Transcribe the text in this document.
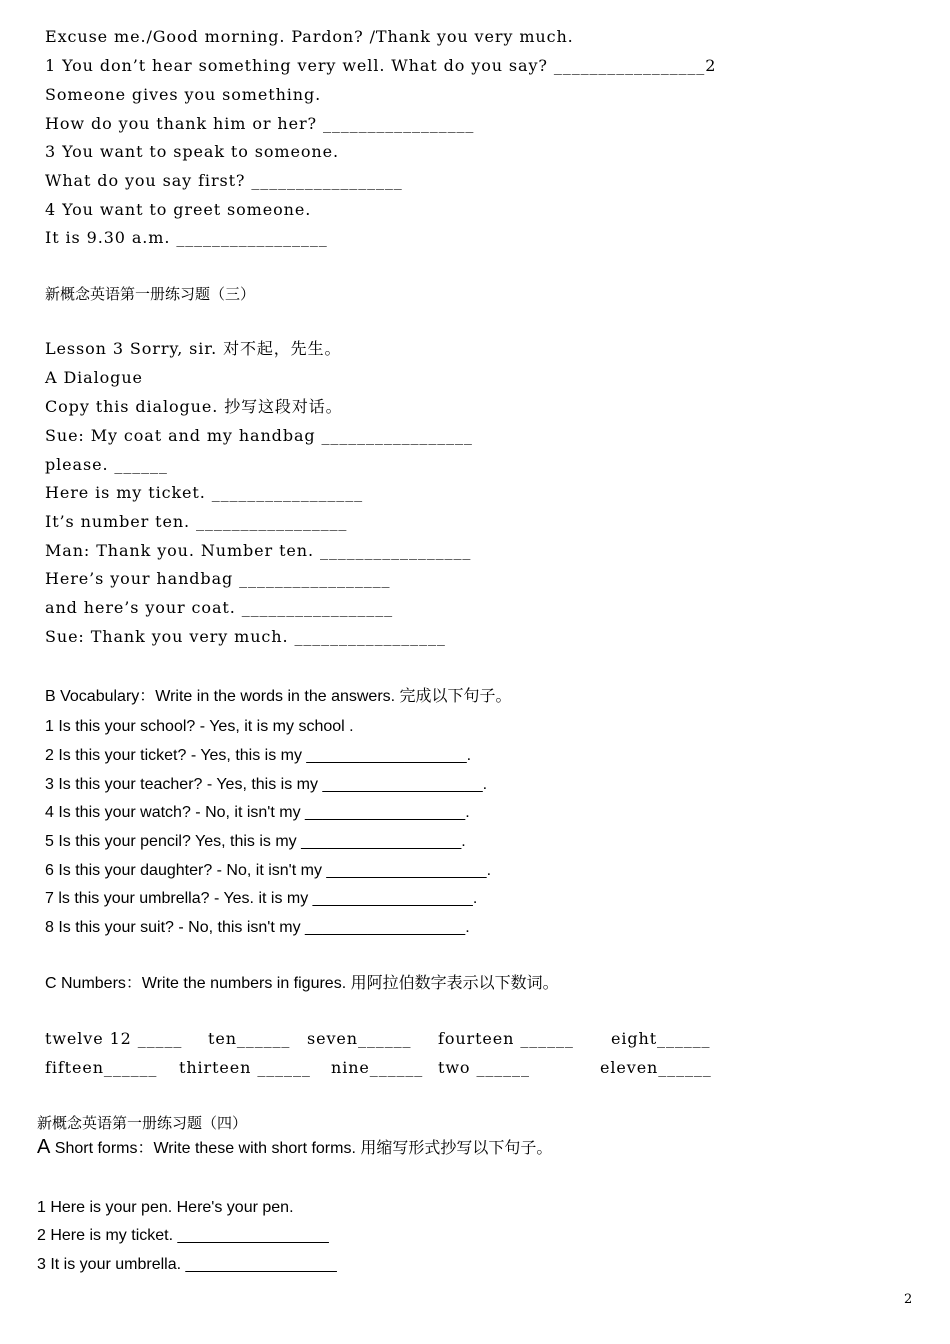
Excuse me./Good morning. Pardon? /Thank you very much.
1 You don’t hear something very well. What do you say? _________________2
Someone gives you something.
How do you thank him or her? _________________
3 You want to speak to someone.
What do you say first? _________________
4 You want to greet someone.
It is 9.30 a.m. _________________
新概念英语第一册练习题（三）
Lesson 3 Sorry, sir. 对不起，先生。
A Dialogue
Copy this dialogue. 抄写这段对话。
Sue: My coat and my handbag _________________
please. ______
Here is my ticket. _________________
It’s number ten. _________________
Man: Thank you. Number ten. _________________
Here’s your handbag _________________
and here’s your coat. _________________
Sue: Thank you very much. _________________
B Vocabulary：Write in the words in the answers. 完成以下句子。
1 Is this your school? - Yes, it is my school .
2 Is this your ticket? - Yes, this is my __________________.
3 Is this your teacher? - Yes, this is my __________________.
4 Is this your watch? - No, it isn't my __________________.
5 Is this your pencil? Yes, this is my __________________.
6 Is this your daughter? - No, it isn't my __________________.
7 ls this your umbrella? - Yes. it is my __________________.
8 Is this your suit? - No, this isn't my __________________.
C Numbers：Write the numbers in figures. 用阿拉伯数字表示以下数词。

twelve 12 _____

ten______

seven______

fourteen ______

eight______

fifteen______

thirteen ______

nine______

two ______

	eleven______

新概念英语第一册练习题（四）
A Short forms：Write these with short forms. 用缩写形式抄写以下句子。
1 Here is your pen. Here's your pen.
2 Here is my ticket. _________________
3 It is your umbrella. _________________
2
